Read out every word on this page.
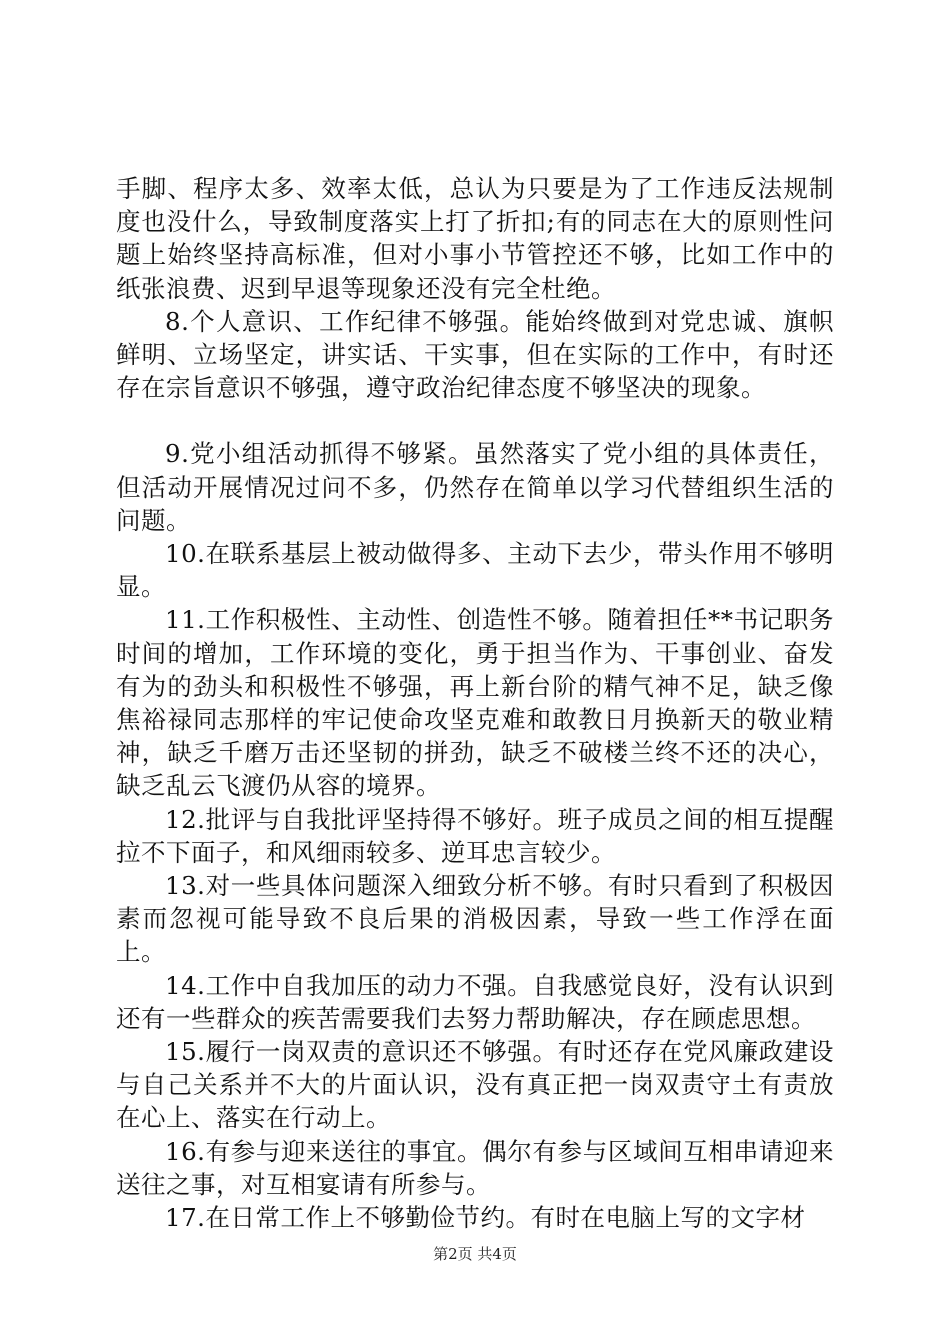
手脚、程序太多、效率太低，总认为只要是为了工作违反法规制度也没什么，导致制度落实上打了折扣;有的同志在大的原则性问题上始终坚持高标准，但对小事小节管控还不够，比如工作中的纸张浪费、迟到早退等现象还没有完全杜绝。

8.个人意识、工作纪律不够强。能始终做到对党忠诚、旗帜鲜明、立场坚定，讲实话、干实事，但在实际的工作中，有时还存在宗旨意识不够强，遵守政治纪律态度不够坚决的现象。

9.党小组活动抓得不够紧。虽然落实了党小组的具体责任，但活动开展情况过问不多，仍然存在简单以学习代替组织生活的问题。

10.在联系基层上被动做得多、主动下去少，带头作用不够明显。

11.工作积极性、主动性、创造性不够。随着担任**书记职务时间的增加，工作环境的变化，勇于担当作为、干事创业、奋发有为的劲头和积极性不够强，再上新台阶的精气神不足，缺乏像焦裕禄同志那样的牢记使命攻坚克难和敢教日月换新天的敬业精神，缺乏千磨万击还坚韧的拼劲，缺乏不破楼兰终不还的决心，缺乏乱云飞渡仍从容的境界。

12.批评与自我批评坚持得不够好。班子成员之间的相互提醒拉不下面子，和风细雨较多、逆耳忠言较少。

13.对一些具体问题深入细致分析不够。有时只看到了积极因素而忽视可能导致不良后果的消极因素，导致一些工作浮在面上。

14.工作中自我加压的动力不强。自我感觉良好，没有认识到还有一些群众的疾苦需要我们去努力帮助解决，存在顾虑思想。

15.履行一岗双责的意识还不够强。有时还存在党风廉政建设与自己关系并不大的片面认识，没有真正把一岗双责守土有责放在心上、落实在行动上。

16.有参与迎来送往的事宜。偶尔有参与区域间互相串请迎来送往之事，对互相宴请有所参与。

17.在日常工作上不够勤俭节约。有时在电脑上写的文字材

第2页 共4页
